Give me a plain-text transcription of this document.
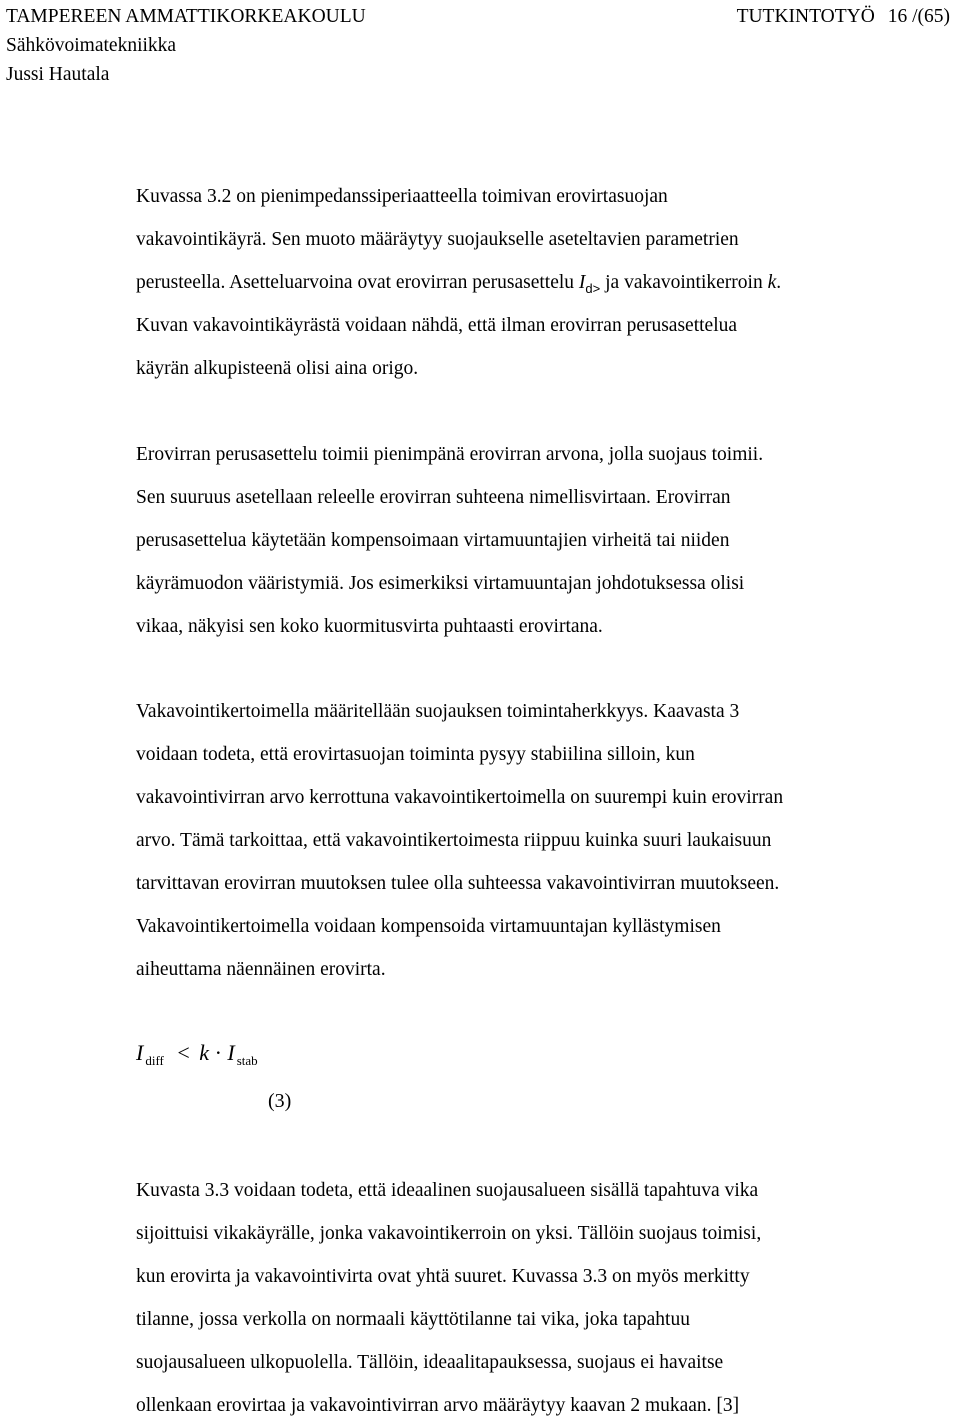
TAMPEREEN AMMATTIKORKEAKOULU	TUTKINTOTYÖ 16 /(65)
Sähkövoimatekniikka
Jussi Hautala
Kuvassa 3.2 on pienimpedanssiperiaatteella toimivan erovirtasuojan
vakavointikäyrä. Sen muoto määräytyy suojaukselle aseteltavien parametrien
perusteella. Asetteluarvoina ovat erovirran perusasettelu $I_{d>}$ ja vakavointikerroin k.
Kuvan vakavointikäyrästä voidaan nähdä, että ilman erovirran perusasettelua
käyrän alkupisteenä olisi aina origo.
Erovirran perusasettelu toimii pienimpänä erovirran arvona, jolla suojaus toimii.
Sen suuruus asetellaan releelle erovirran suhteena nimellisvirtaan. Erovirran
perusasettelua käytetään kompensoimaan virtamuuntajien virheitä tai niiden
käyrämuodon vääristymiä. Jos esimerkiksi virtamuuntajan johdotuksessa olisi
vikaa, näkyisi sen koko kuormitusvirta puhtaasti erovirtana.
Vakavointikertoimella määritellään suojauksen toimintaherkkyys. Kaavasta 3
voidaan todeta, että erovirtasuojan toiminta pysyy stabiilina silloin, kun
vakavointivirran arvo kerrottuna vakavointikertoimella on suurempi kuin erovirran
arvo. Tämä tarkoittaa, että vakavointikertoimesta riippuu kuinka suuri laukaisuun
tarvittavan erovirran muutoksen tulee olla suhteessa vakavointivirran muutokseen.
Vakavointikertoimella voidaan kompensoida virtamuuntajan kyllästymisen
aiheuttama näennäinen erovirta.
Kuvasta 3.3 voidaan todeta, että ideaalinen suojausalueen sisällä tapahtuva vika
sijoittuisi vikakäyrälle, jonka vakavointikerroin on yksi. Tällöin suojaus toimisi,
kun erovirta ja vakavointivirta ovat yhtä suuret. Kuvassa 3.3 on myös merkitty
tilanne, jossa verkolla on normaali käyttötilanne tai vika, joka tapahtuu
suojausalueen ulkopuolella. Tällöin, ideaalitapauksessa, suojaus ei havaitse
ollenkaan erovirtaa ja vakavointivirran arvo määräytyy kaavan 2 mukaan. [3]
I $_{diff}$ < k · I $_{stab}$
(3)
